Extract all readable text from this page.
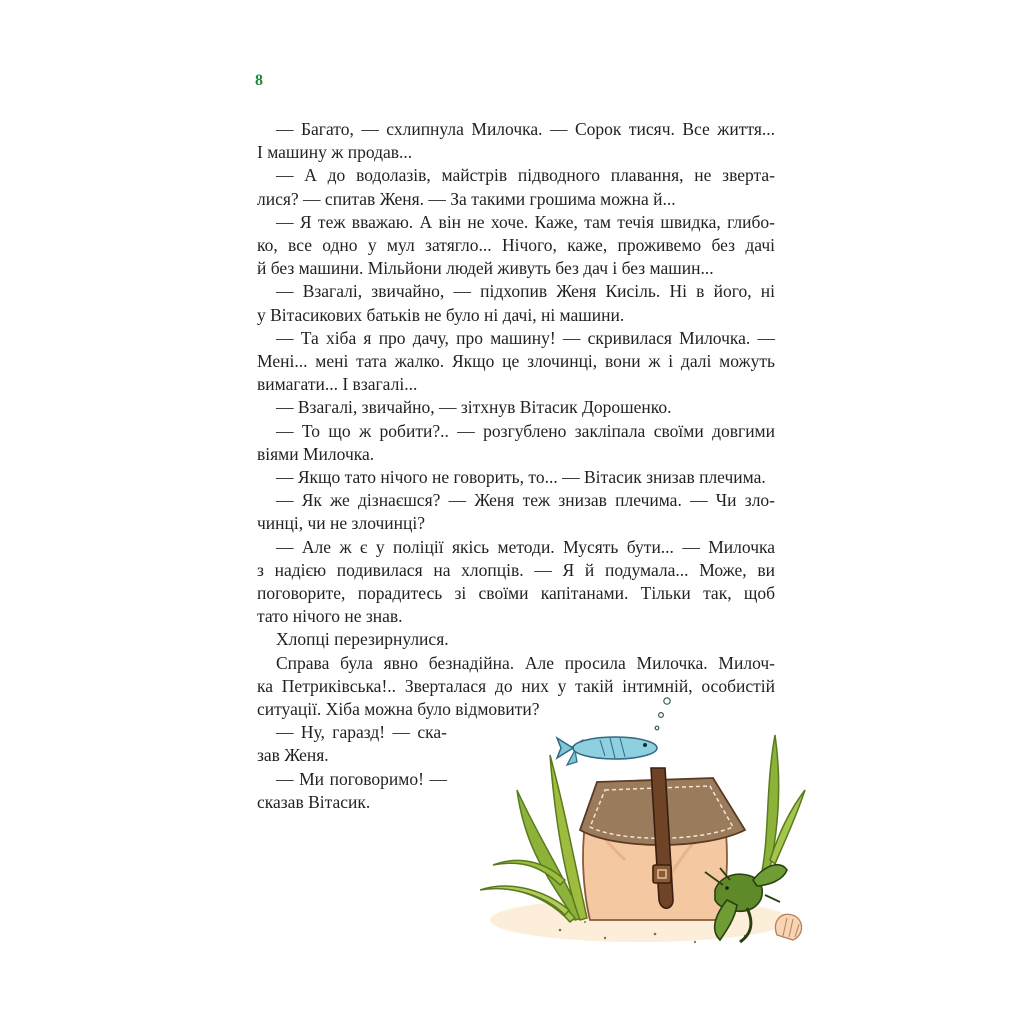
8
— Багато, — схлипнула Милочка. — Сорок тисяч. Все життя...
І машину ж продав...
— А до водолазів, майстрів підводного плавання, не зверта-
лися? — спитав Женя. — За такими грошима можна й...
— Я теж вважаю. А він не хоче. Каже, там течія швидка, глибо-
ко, все одно у мул затягло... Нічого, каже, проживемо без дачі
й без машини. Мільйони людей живуть без дач і без машин...
— Взагалі, звичайно, — підхопив Женя Кисіль. Ні в його, ні
у Вітасикових батьків не було ні дачі, ні машини.
— Та хіба я про дачу, про машину! — скривилася Милочка. —
Мені... мені тата жалко. Якщо це злочинці, вони ж і далі можуть
вимагати... І взагалі...
— Взагалі, звичайно, — зітхнув Вітасик Дорошенко.
— То що ж робити?.. — розгублено закліпала своїми довгими
віями Милочка.
— Якщо тато нічого не говорить, то... — Вітасик знизав плечима.
— Як же дізнаєшся? — Женя теж знизав плечима. — Чи зло-
чинці, чи не злочинці?
— Але ж є у поліції якісь методи. Мусять бути... — Милочка
з надією подивилася на хлопців. — Я й подумала... Може, ви
поговорите, порадитесь зі своїми капітанами. Тільки так, щоб
тато нічого не знав.
Хлопці перезирнулися.
Справа була явно безнадійна. Але просила Милочка. Милоч-
ка Петриківська!.. Зверталася до них у такій інтимній, особистій
ситуації. Хіба можна було відмовити?
— Ну, гаразд! — ска-
зав Женя.
— Ми поговоримо! —
сказав Вітасик.
